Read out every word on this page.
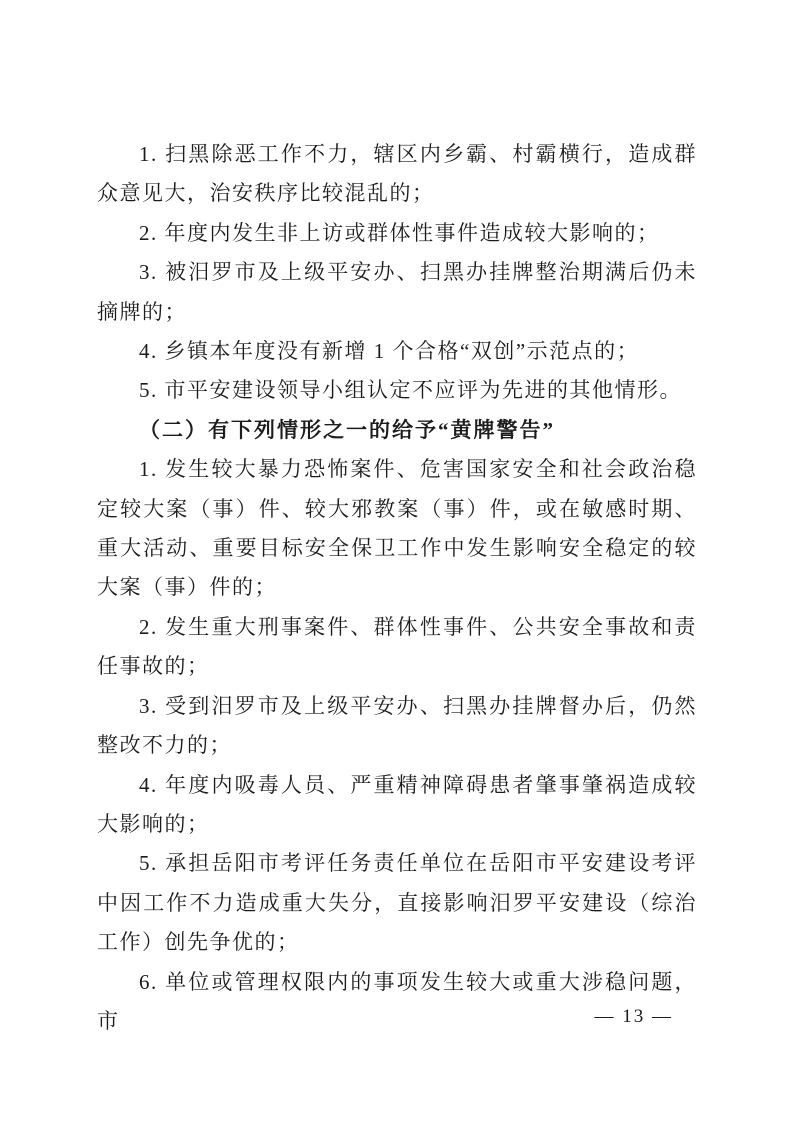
1. 扫黑除恶工作不力，辖区内乡霸、村霸横行，造成群众意见大，治安秩序比较混乱的；
2. 年度内发生非上访或群体性事件造成较大影响的；
3. 被汨罗市及上级平安办、扫黑办挂牌整治期满后仍未摘牌的；
4. 乡镇本年度没有新增 1 个合格“双创”示范点的；
5. 市平安建设领导小组认定不应评为先进的其他情形。
（二）有下列情形之一的给予“黄牌警告”
1. 发生较大暴力恐怖案件、危害国家安全和社会政治稳定较大案（事）件、较大邪教案（事）件，或在敏感时期、重大活动、重要目标安全保卫工作中发生影响安全稳定的较大案（事）件的；
2. 发生重大刑事案件、群体性事件、公共安全事故和责任事故的；
3. 受到汨罗市及上级平安办、扫黑办挂牌督办后，仍然整改不力的；
4. 年度内吸毒人员、严重精神障碍患者肇事肇祸造成较大影响的；
5. 承担岳阳市考评任务责任单位在岳阳市平安建设考评中因工作不力造成重大失分，直接影响汨罗平安建设（综治工作）创先争优的；
6. 单位或管理权限内的事项发生较大或重大涉稳问题，市	— 13 —
